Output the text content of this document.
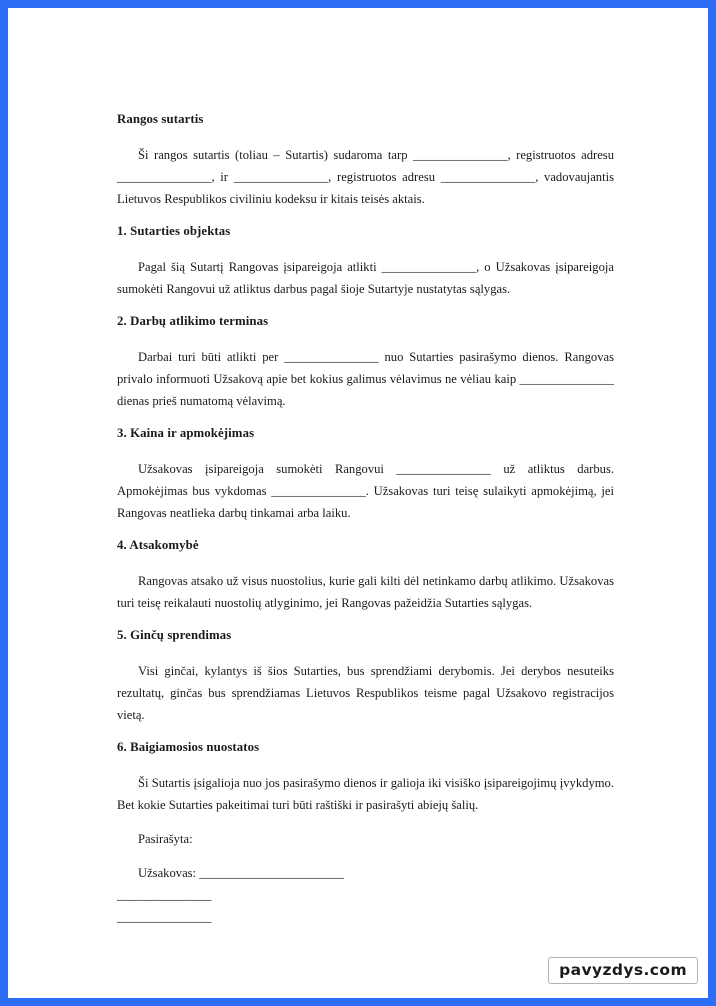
Rangos sutartis

Ši rangos sutartis (toliau – Sutartis) sudaroma tarp _______________, registruotos adresu _______________, ir _______________, registruotos adresu _______________, vadovaujantis Lietuvos Respublikos civiliniu kodeksu ir kitais teisės aktais.

1. Sutarties objektas

Pagal šią Sutartį Rangovas įsipareigoja atlikti _______________, o Užsakovas įsipareigoja sumokėti Rangovui už atliktus darbus pagal šioje Sutartyje nustatytas sąlygas.

2. Darbų atlikimo terminas

Darbai turi būti atlikti per _______________ nuo Sutarties pasirašymo dienos. Rangovas privalo informuoti Užsakovą apie bet kokius galimus vėlavimus ne vėliau kaip _______________ dienas prieš numatomą vėlavimą.

3. Kaina ir apmokėjimas

Užsakovas įsipareigoja sumokėti Rangovui _______________ už atliktus darbus. Apmokėjimas bus vykdomas _______________. Užsakovas turi teisę sulaikyti apmokėjimą, jei Rangovas neatlieka darbų tinkamai arba laiku.

4. Atsakomybė

Rangovas atsako už visus nuostolius, kurie gali kilti dėl netinkamo darbų atlikimo. Užsakovas turi teisę reikalauti nuostolių atlyginimo, jei Rangovas pažeidžia Sutarties sąlygas.

5. Ginčų sprendimas

Visi ginčai, kylantys iš šios Sutarties, bus sprendžiami derybomis. Jei derybos nesuteiks rezultatų, ginčas bus sprendžiamas Lietuvos Respublikos teisme pagal Užsakovo registracijos vietą.

6. Baigiamosios nuostatos

Ši Sutartis įsigalioja nuo jos pasirašymo dienos ir galioja iki visiško įsipareigojimų įvykdymo. Bet kokie Sutarties pakeitimai turi būti raštiški ir pasirašyti abiejų šalių.

Pasirašyta:
Užsakovas: _______________________
_______________
_______________
pavyzdys.com
